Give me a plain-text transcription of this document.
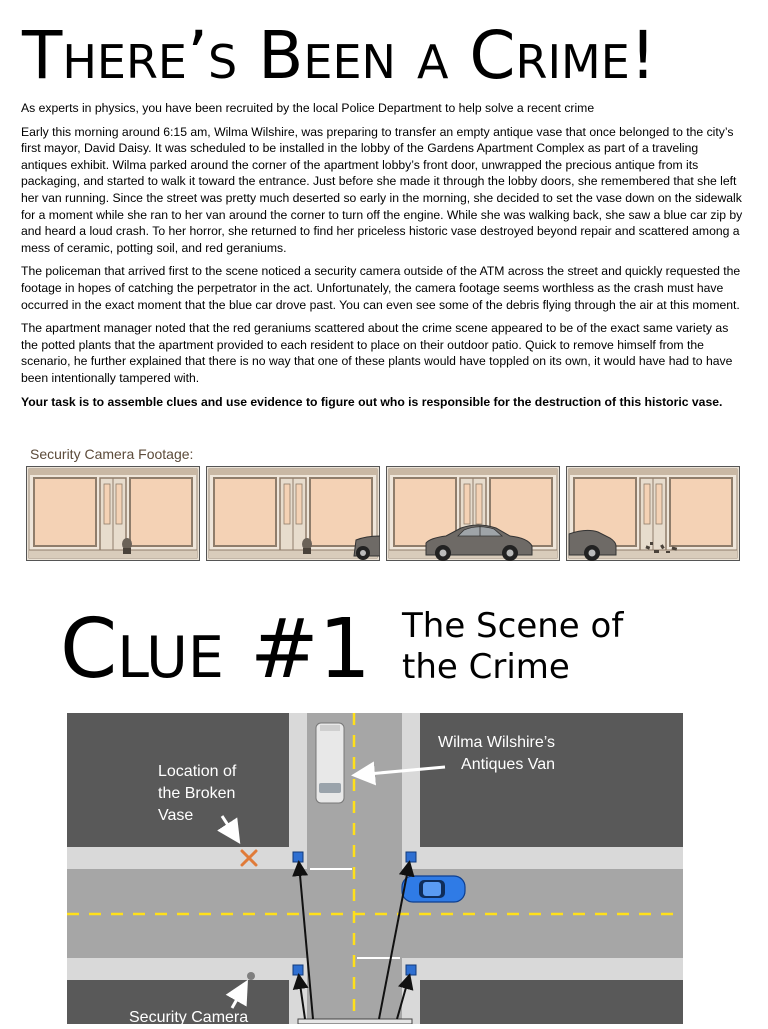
There’s Been a Crime!

As experts in physics, you have been recruited by the local Police Department to help solve a recent crime

Early this morning around 6:15 am, Wilma Wilshire, was preparing to transfer an empty antique vase that once belonged to the city’s first mayor, David Daisy. It was scheduled to be installed in the lobby of the Gardens Apartment Complex as part of a traveling antiques exhibit. Wilma parked around the corner of the apartment lobby’s front door, unwrapped the precious antique from its packaging, and started to walk it toward the entrance. Just before she made it through the lobby doors, she remembered that she left her van running. Since the street was pretty much deserted so early in the morning, she decided to set the vase down on the sidewalk for a moment while she ran to her van around the corner to turn off the engine. While she was walking back, she saw a blue car zip by and heard a loud crash. To her horror, she returned to find her priceless historic vase destroyed beyond repair and scattered among a mess of ceramic, potting soil, and red geraniums.

The policeman that arrived first to the scene noticed a security camera outside of the ATM across the street and quickly requested the footage in hopes of catching the perpetrator in the act. Unfortunately, the camera footage seems worthless as the crash must have occurred in the exact moment that the blue car drove past. You can even see some of the debris flying through the air at this moment.

The apartment manager noted that the red geraniums scattered about the crime scene appeared to be of the exact same variety as the potted plants that the apartment provided to each resident to place on their outdoor patio. Quick to remove himself from the scenario, he further explained that there is no way that one of these plants would have toppled on its own, it would have had to have been intentionally tampered with.

Your task is to assemble clues and use evidence to figure out who is responsible for the destruction of this historic vase.

Security Camera Footage:
Clue #1 The Scene of
the Crime
Location of
the Broken
Vase
Wilma Wilshire’s
Antiques Van
Security Camera
